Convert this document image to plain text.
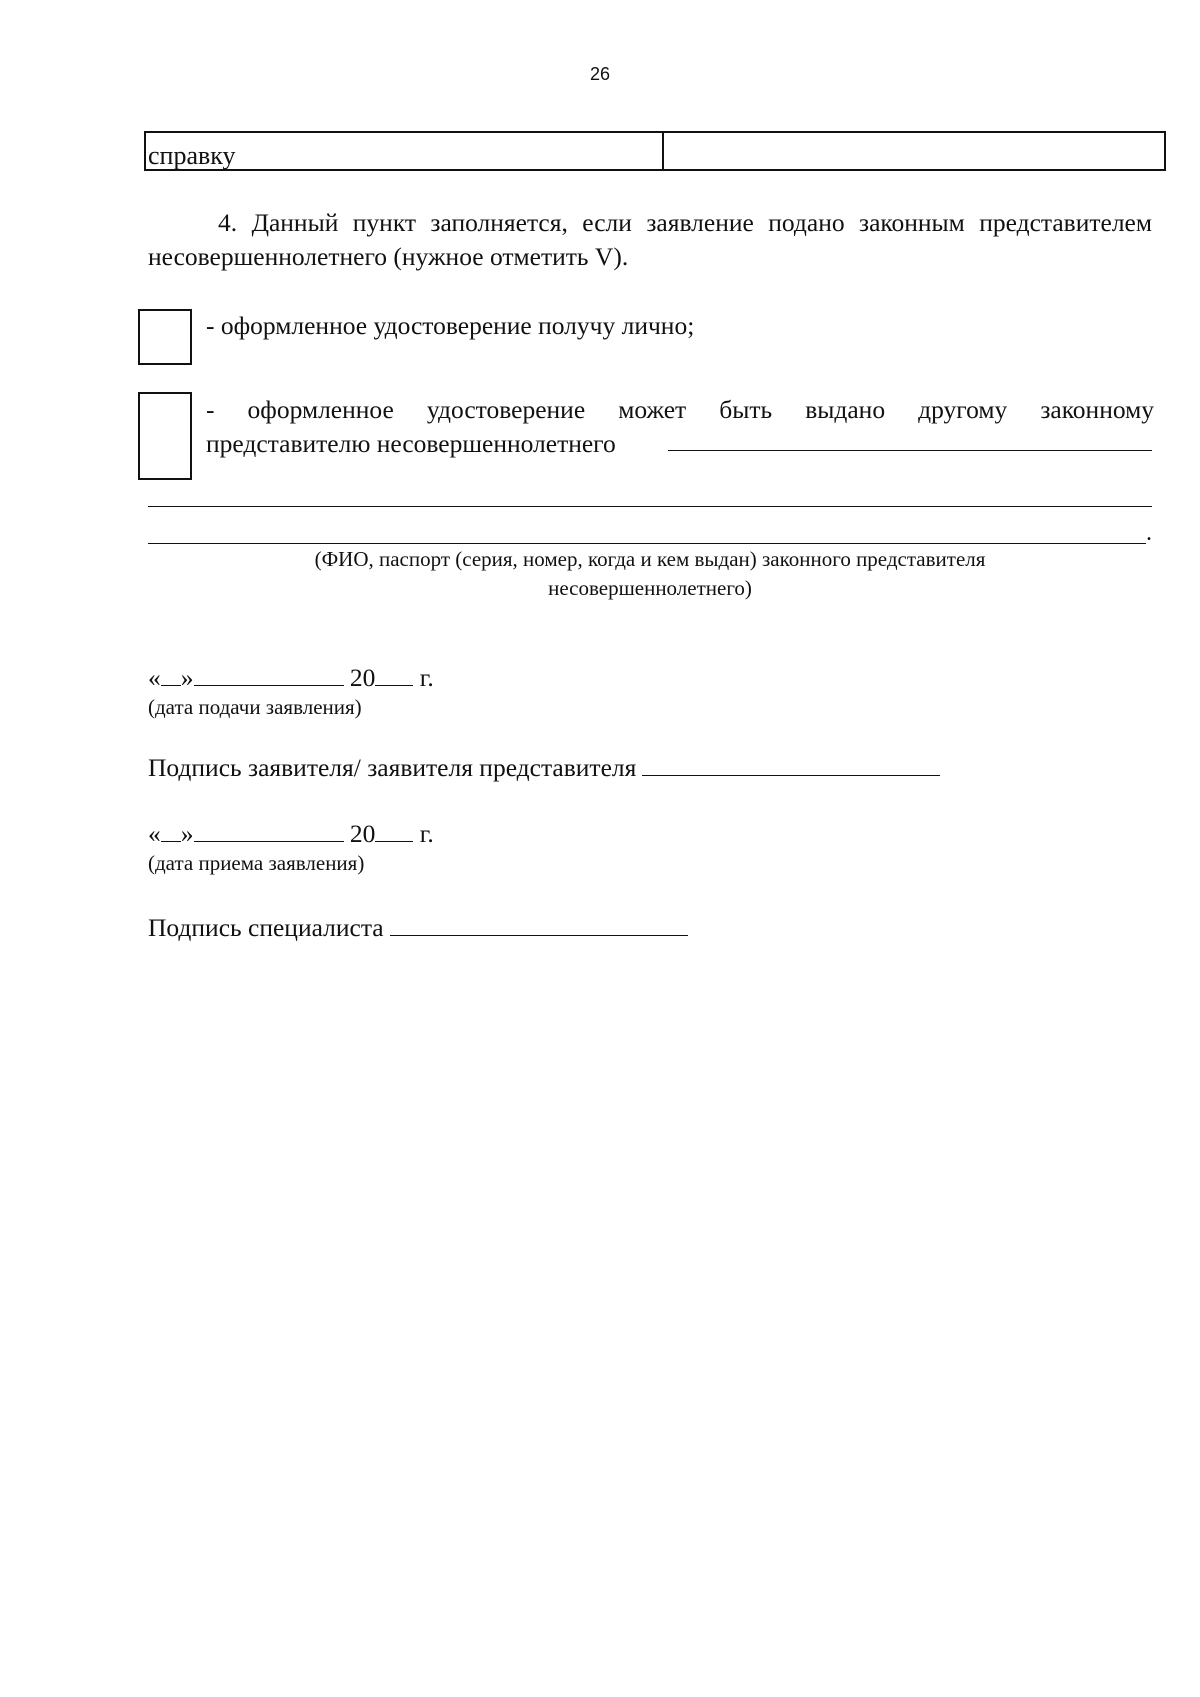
26
справку
4. Данный пункт заполняется, если заявление подано законным представителем несовершеннолетнего (нужное отметить V).
- оформленное удостоверение получу лично;
- оформленное удостоверение может быть выдано другому законному
представителю несовершеннолетнего
.
(ФИО, паспорт (серия, номер, когда и кем выдан) законного представителя
несовершеннолетнего)
« »	20 г.
(дата подачи заявления)
Подпись заявителя/ заявителя представителя
« »	20 г.
(дата приема заявления)
Подпись специалиста
